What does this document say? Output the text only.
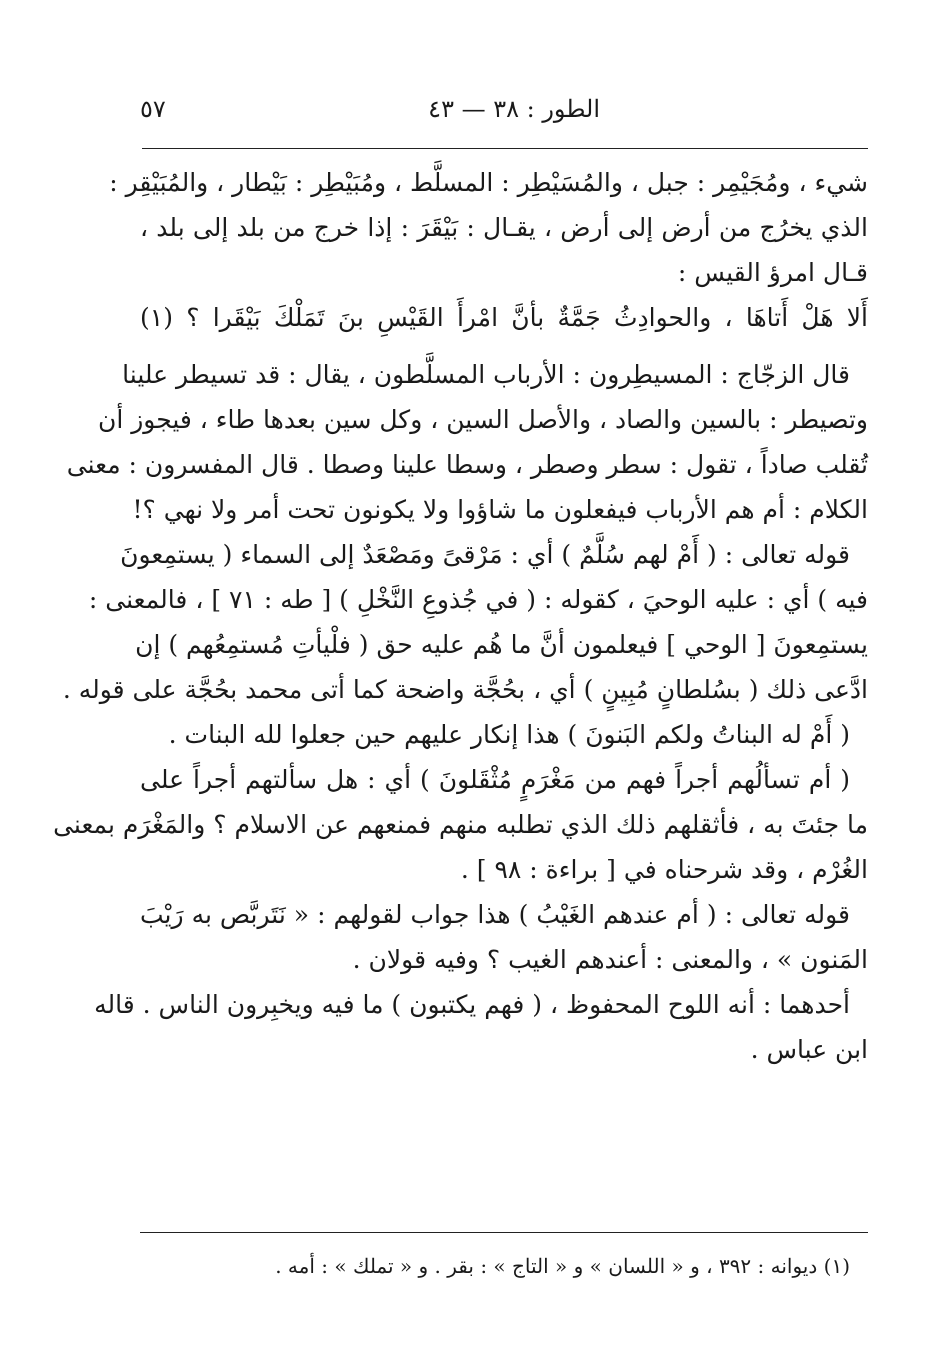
الطور : ٣٨ — ٤٣
٥٧
شيء ، ومُجَيْمِر : جبل ، والمُسَيْطِر : المسلَّط ، ومُبَيْطِر : بَيْطار ، والمُبَيْقِر :
الذي يخرُج من أرض إلى أرض ، يقـال : بَيْقَرَ : إذا خرج من بلد إلى بلد ،
قـال امرؤ القيس :
أَلا هَلْ أَتاهَا ، والحوادِثُ جَمَّةٌ بأنَّ امْرأَ القَيْسِ بنَ تَمَلْكَ بَيْقَرا ؟ (١)
قال الزجّاج : المسيطِرون : الأرباب المسلَّطون ، يقال : قد تسيطر علينا
وتصيطر : بالسين والصاد ، والأصل السين ، وكل سين بعدها طاء ، فيجوز أن
تُقلب صاداً ، تقول : سطر وصطر ، وسطا علينا وصطا . قال المفسرون : معنى
الكلام : أم هم الأرباب فيفعلون ما شاؤوا ولا يكونون تحت أمر ولا نهي ؟!
قوله تعالى : ( أَمْ لهم سُلَّمٌ ) أي : مَرْقىً ومَصْعَدٌ إلى السماء ( يستمِعونَ
فيه ) أي : عليه الوحيَ ، كقوله : ( في جُذوعِ النَّخْلِ ) [ طه : ٧١ ] ، فالمعنى :
يستمِعونَ [ الوحي ] فيعلمون أنَّ ما هُم عليه حق ( فلْيأتِ مُستمِعُهم ) إن
ادَّعى ذلك ( بسُلطانٍ مُبِينٍ ) أي ، بحُجَّة واضحة كما أتى محمد بحُجَّة على قوله .
( أَمْ له البناتُ ولكم البَنونَ ) هذا إنكار عليهم حين جعلوا لله البنات .
( أم تسألُهم أجراً فهم من مَغْرَمٍ مُثْقَلونَ ) أي : هل سألتهم أجراً على
ما جئتَ به ، فأثقلهم ذلك الذي تطلبه منهم فمنعهم عن الاسلام ؟ والمَغْرَم بمعنى
الغُرْم ، وقد شرحناه في [ براءة : ٩٨ ] .
قوله تعالى : ( أم عندهم الغَيْبُ ) هذا جواب لقولهم : « نَتَربَّص به رَيْبَ
المَنون » ، والمعنى : أعندهم الغيب ؟ وفيه قولان .
أحدهما : أنه اللوح المحفوظ ، ( فهم يكتبون ) ما فيه ويخبِرون الناس . قاله
ابن عباس .
(١) ديوانه : ٣٩٢ ، و « اللسان » و « التاج » : بقر . و « تملك » : أمه .
